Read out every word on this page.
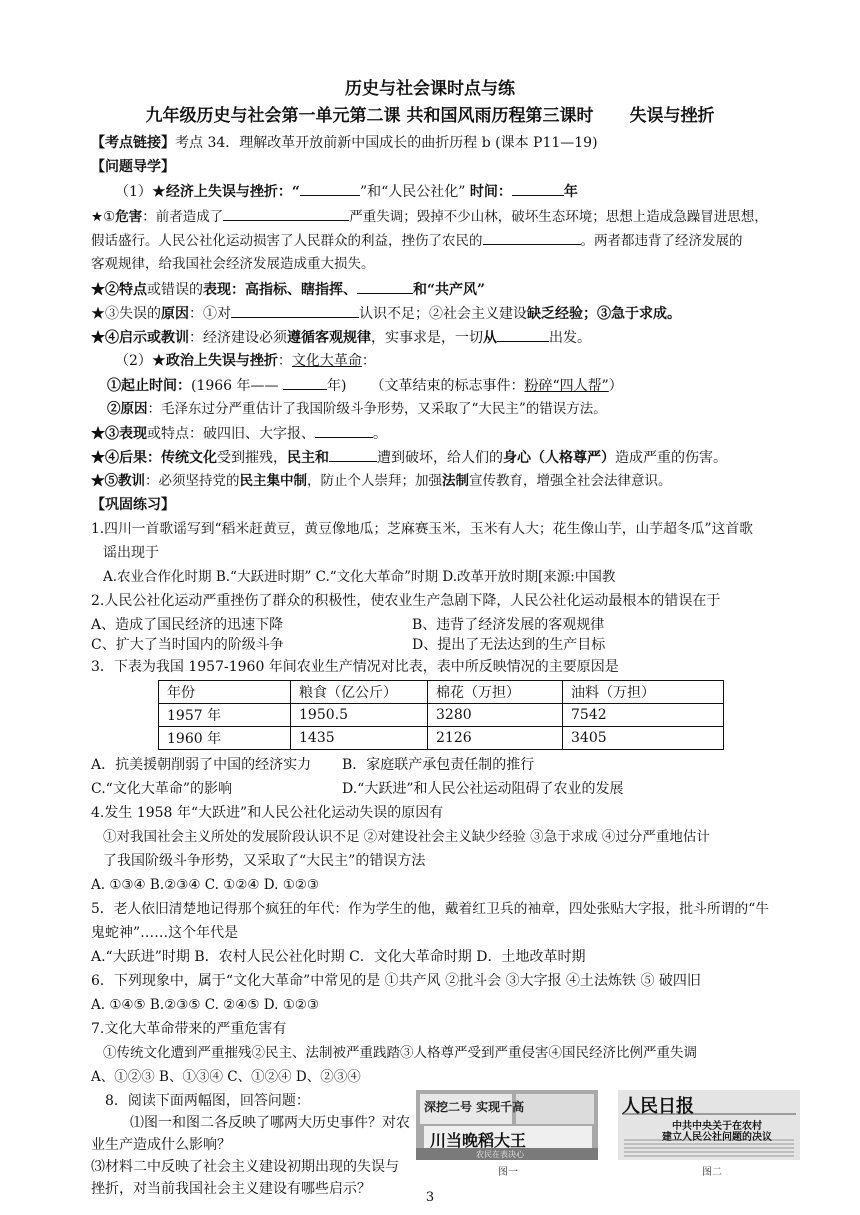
历史与社会课时点与练
九年级历史与社会第一单元第二课 共和国风雨历程第三课时 失误与挫折
【考点链接】考点 34．理解改革开放前新中国成长的曲折历程 b (课本 P11—19)
【问题导学】
（1）★经济上失误与挫折：“	”和“人民公社化” 时间：	年
★①危害：前者造成了	严重失调；毁掉不少山林，破坏生态环境；思想上造成急躁冒进思想，
假话盛行。人民公社化运动损害了人民群众的利益，挫伤了农民的	。两者都违背了经济发展的
客观规律，给我国社会经济发展造成重大损失。
★②特点或错误的表现：高指标、瞎指挥、	和“共产风”
★③失误的原因：①对	认识不足；②社会主义建设缺乏经验；③急于求成。
★④启示或教训：经济建设必须遵循客观规律，实事求是，一切从	出发。
（2）★政治上失误与挫折：文化大革命：
①起止时间：(1966 年——	年) （文革结束的标志事件：粉碎“四人帮”）
②原因：毛泽东过分严重估计了我国阶级斗争形势，又采取了“大民主”的错误方法。
★③表现或特点：破四旧、大字报、	。
★④后果：传统文化受到摧残，民主和	遭到破坏，给人们的身心（人格尊严）造成严重的伤害。
★⑤教训：必须坚持党的民主集中制，防止个人崇拜；加强法制宣传教育，增强全社会法律意识。
【巩固练习】
1.四川一首歌谣写到“稻米赶黄豆，黄豆像地瓜；芝麻赛玉米，玉米有人大；花生像山芋，山芋超冬瓜”这首歌
谣出现于
A.农业合作化时期 B.“大跃进时期” C.“文化大革命”时期 D.改革开放时期[来源:中国教
2.人民公社化运动严重挫伤了群众的积极性，使农业生产急剧下降，人民公社化运动最根本的错误在于
A、造成了国民经济的迅速下降	B、违背了经济发展的客观规律
C、扩大了当时国内的阶级斗争	D、提出了无法达到的生产目标
3．下表为我国 1957-1960 年间农业生产情况对比表，表中所反映情况的主要原因是
年份	粮食（亿公斤）	棉花（万担）	油料（万担）
1957 年	1950.5	3280	7542
1960 年	1435	2126	3405
A．抗美援朝削弱了中国的经济实力 B．家庭联产承包责任制的推行
C.“文化大革命”的影响	D.“大跃进”和人民公社运动阻碍了农业的发展
4.发生 1958 年“大跃进”和人民公社化运动失误的原因有
①对我国社会主义所处的发展阶段认识不足 ②对建设社会主义缺少经验 ③急于求成 ④过分严重地估计
了我国阶级斗争形势，又采取了“大民主”的错误方法
A. ①③④ B.②③④ C. ①②④ D. ①②③
5．老人依旧清楚地记得那个疯狂的年代：作为学生的他，戴着红卫兵的袖章，四处张贴大字报，批斗所谓的“牛
鬼蛇神”……这个年代是
A.“大跃进”时期 B．农村人民公社化时期 C．文化大革命时期 D．土地改革时期
6．下列现象中，属于“文化大革命”中常见的是 ①共产风 ②批斗会 ③大字报 ④土法炼铁 ⑤ 破四旧
A. ①④⑤ B.②③⑤ C. ②④⑤ D. ①②③
7.文化大革命带来的严重危害有
①传统文化遭到严重摧残②民主、法制被严重践踏③人格尊严受到严重侵害④国民经济比例严重失调
A、①②③ B、①③④ C、①②④ D、②③④
8．阅读下面两幅图，回答问题：
⑴图一和图二各反映了哪两大历史事件？对农
业生产造成什么影响？
⑶材料二中反映了社会主义建设初期出现的失误与
挫折，对当前我国社会主义建设有哪些启示？
深挖二号 实现千高
川当晚稻大王
农民在表决心
图一
人民日报
中共中央关于在农村
建立人民公社问题的决议
图二
3
